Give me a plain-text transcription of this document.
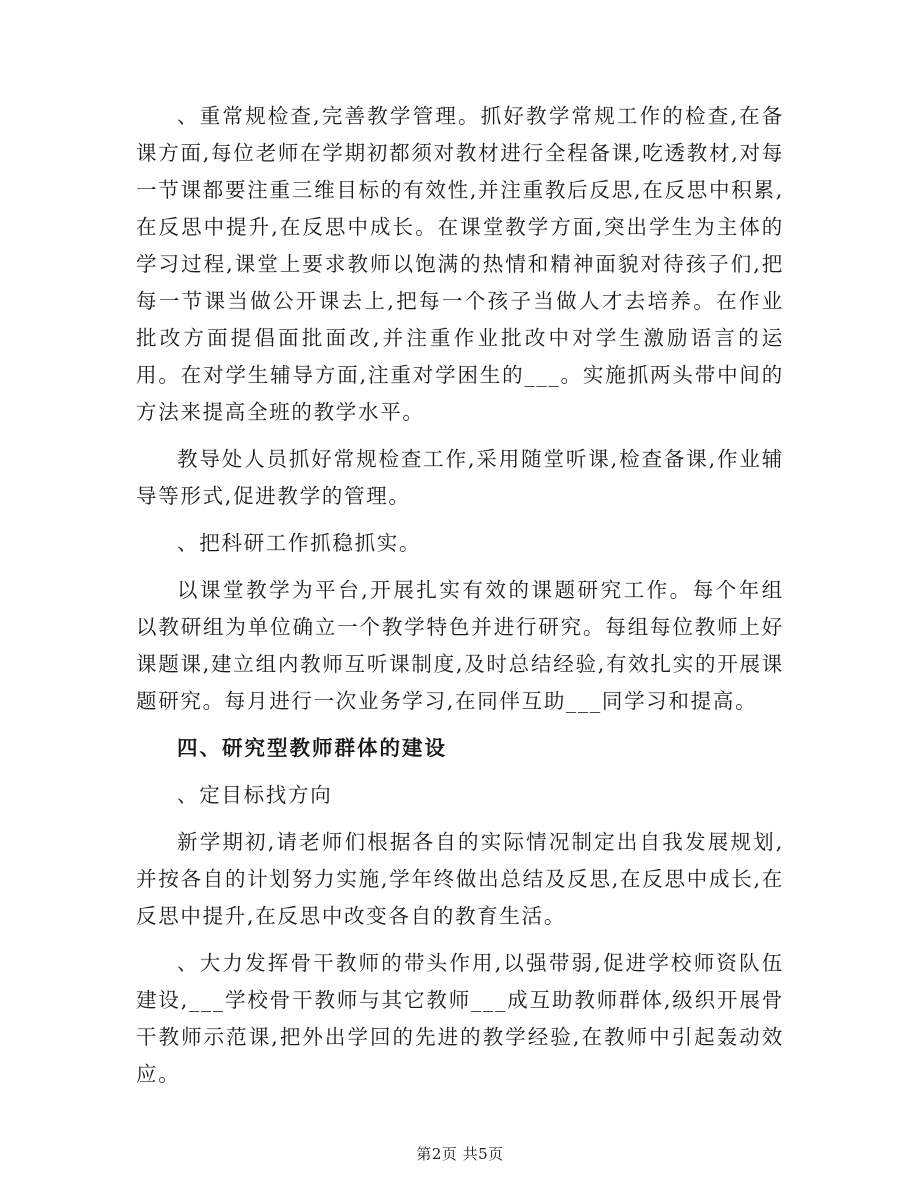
、重常规检查,完善教学管理。抓好教学常规工作的检查,在备课方面,每位老师在学期初都须对教材进行全程备课,吃透教材,对每一节课都要注重三维目标的有效性,并注重教后反思,在反思中积累,在反思中提升,在反思中成长。在课堂教学方面,突出学生为主体的学习过程,课堂上要求教师以饱满的热情和精神面貌对待孩子们,把每一节课当做公开课去上,把每一个孩子当做人才去培养。在作业批改方面提倡面批面改,并注重作业批改中对学生激励语言的运用。在对学生辅导方面,注重对学困生的___。实施抓两头带中间的方法来提高全班的教学水平。

教导处人员抓好常规检查工作,采用随堂听课,检查备课,作业辅导等形式,促进教学的管理。

、把科研工作抓稳抓实。

以课堂教学为平台,开展扎实有效的课题研究工作。每个年组以教研组为单位确立一个教学特色并进行研究。每组每位教师上好课题课,建立组内教师互听课制度,及时总结经验,有效扎实的开展课题研究。每月进行一次业务学习,在同伴互助___同学习和提高。

四、研究型教师群体的建设

、定目标找方向

新学期初,请老师们根据各自的实际情况制定出自我发展规划,并按各自的计划努力实施,学年终做出总结及反思,在反思中成长,在反思中提升,在反思中改变各自的教育生活。

、大力发挥骨干教师的带头作用,以强带弱,促进学校师资队伍建设,___学校骨干教师与其它教师___成互助教师群体,级织开展骨干教师示范课,把外出学回的先进的教学经验,在教师中引起轰动效应。

第2页 共5页
